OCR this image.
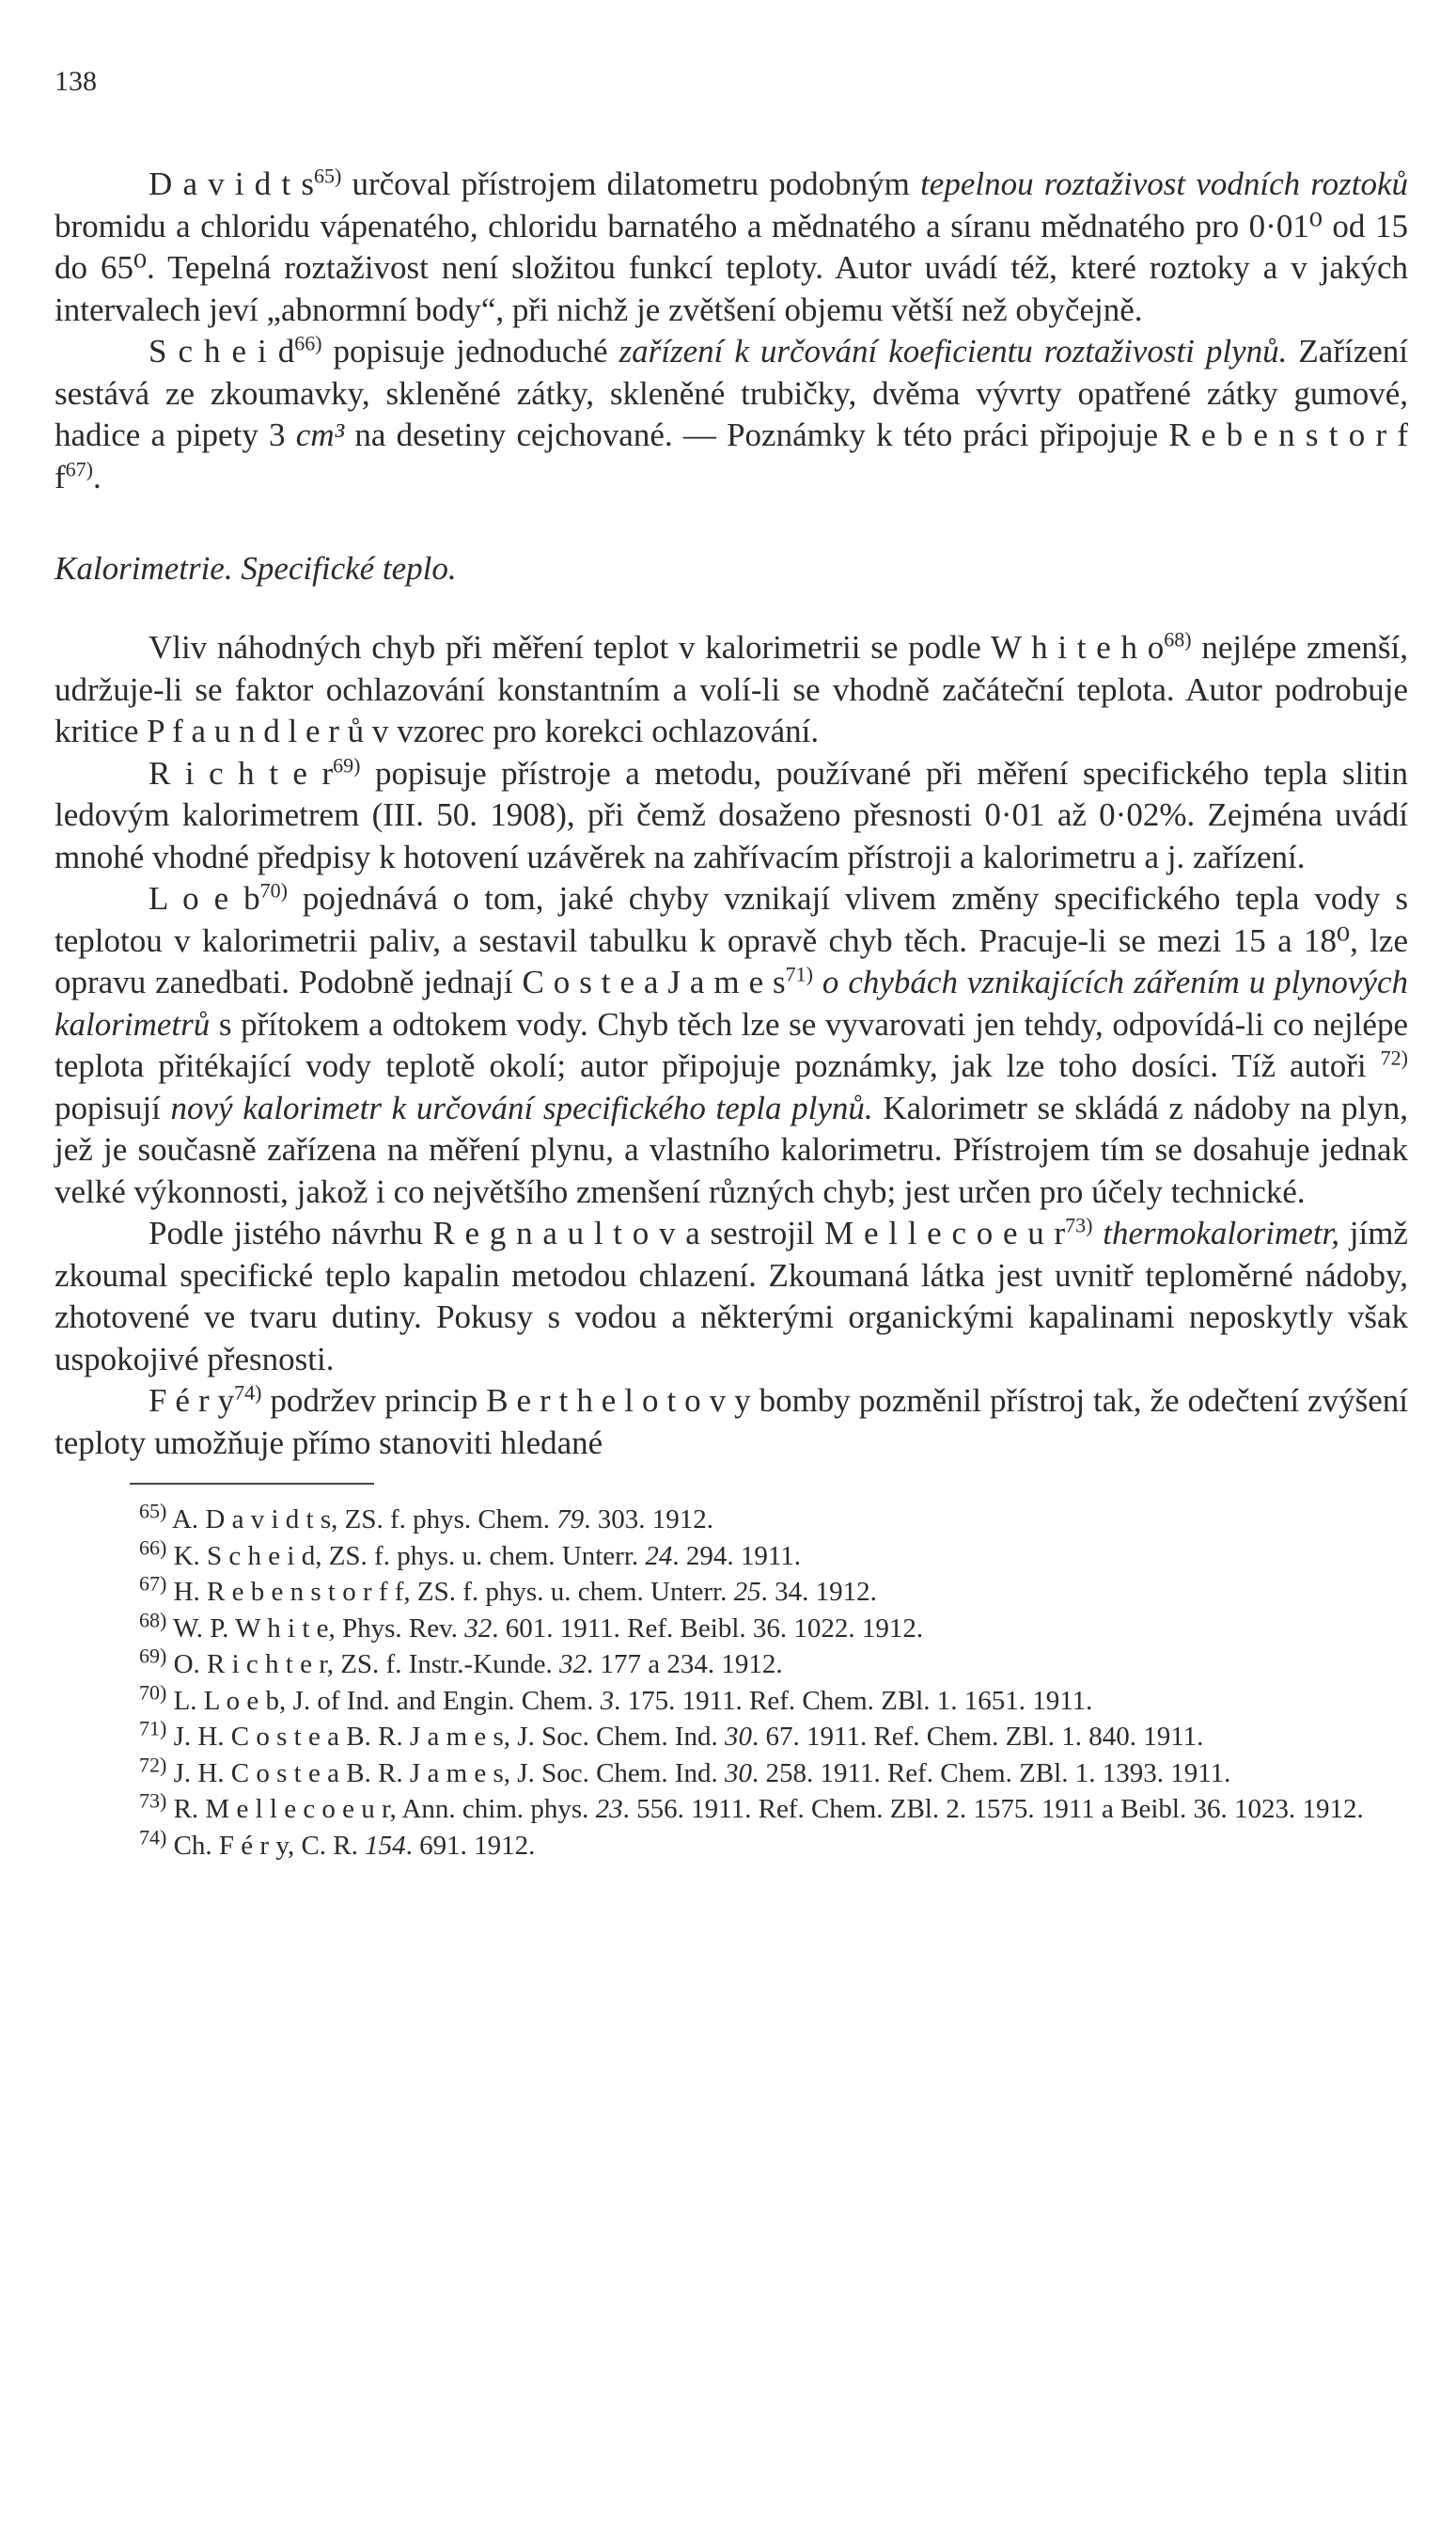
138

D a v i d t $s^{65)}$ určoval přístrojem dilatometru podobným tepelnou roztaživost vodních roztoků bromidu a chloridu vápenatého, chloridu barnatého a mědnatého a síranu mědnatého pro 0·01⁰ od 15 do 65⁰. Tepelná roztaživost není složitou funkcí teploty. Autor uvádí též, které roztoky a v jakých intervalech jeví „abnormní body“, při nichž je zvětšení objemu větší než obyčejně.

S c h e i $d^{66)}$ popisuje jednoduché zařízení k určování koeficientu roztaživosti plynů. Zařízení sestává ze zkoumavky, skleněné zátky, skleněné trubičky, dvěma vývrty opatřené zátky gumové, hadice a pipety 3 cm³ na desetiny cejchované. — Poznámky k této práci připojuje R e b e n s t o r f $f^{67)}$.

Kalorimetrie. Specifické teplo.

Vliv náhodných chyb při měření teplot v kalorimetrii se podle W h i t e h $o^{68)}$ nejlépe zmenší, udržuje-li se faktor ochlazování konstantním a volí-li se vhodně začáteční teplota. Autor podrobuje kritice P f a u n d l e r ů v vzorec pro korekci ochlazování.

R i c h t e $r^{69)}$ popisuje přístroje a metodu, používané při měření specifického tepla slitin ledovým kalorimetrem (III. 50. 1908), při čemž dosaženo přesnosti 0·01 až 0·02%. Zejména uvádí mnohé vhodné předpisy k hotovení uzávěrek na zahřívacím přístroji a kalorimetru a j. zařízení.

L o e $b^{70)}$ pojednává o tom, jaké chyby vznikají vlivem změny specifického tepla vody s teplotou v kalorimetrii paliv, a sestavil tabulku k opravě chyb těch. Pracuje-li se mezi 15 a 18⁰, lze opravu zanedbati. Podobně jednají C o s t e a J a m e $s^{71)}$ o chybách vznikajících zářením u plynových kalorimetrů s přítokem a odtokem vody. Chyb těch lze se vyvarovati jen tehdy, odpovídá-li co nejlépe teplota přitékající vody teplotě okolí; autor připojuje poznámky, jak lze toho dosíci. Tíž autoři $^{72)}$ popisují nový kalorimetr k určování specifického tepla plynů. Kalorimetr se skládá z nádoby na plyn, jež je současně zařízena na měření plynu, a vlastního kalorimetru. Přístrojem tím se dosahuje jednak velké výkonnosti, jakož i co největšího zmenšení různých chyb; jest určen pro účely technické.

Podle jistého návrhu R e g n a u l t o v a sestrojil M e l l e c o e u $r^{73)}$ thermokalorimetr, jímž zkoumal specifické teplo kapalin metodou chlazení. Zkoumaná látka jest uvnitř teploměrné nádoby, zhotovené ve tvaru dutiny. Pokusy s vodou a některými organickými kapalinami neposkytly však uspokojivé přesnosti.

F é r $y^{74)}$ podržev princip B e r t h e l o t o v y bomby pozměnil přístroj tak, že odečtení zvýšení teploty umožňuje přímo stanoviti hledané

$^{65)}$ A. D a v i d t s, ZS. f. phys. Chem. 79. 303. 1912.

$^{66)}$ K. S c h e i d, ZS. f. phys. u. chem. Unterr. 24. 294. 1911.

$^{67)}$ H. R e b e n s t o r f f, ZS. f. phys. u. chem. Unterr. 25. 34. 1912.

$^{68)}$ W. P. W h i t e, Phys. Rev. 32. 601. 1911. Ref. Beibl. 36. 1022. 1912.

$^{69)}$ O. R i c h t e r, ZS. f. Instr.-Kunde. 32. 177 a 234. 1912.

$^{70)}$ L. L o e b, J. of Ind. and Engin. Chem. 3. 175. 1911. Ref. Chem. ZBl. 1. 1651. 1911.

$^{71)}$ J. H. C o s t e a B. R. J a m e s, J. Soc. Chem. Ind. 30. 67. 1911. Ref. Chem. ZBl. 1. 840. 1911.

$^{72)}$ J. H. C o s t e a B. R. J a m e s, J. Soc. Chem. Ind. 30. 258. 1911. Ref. Chem. ZBl. 1. 1393. 1911.

$^{73)}$ R. M e l l e c o e u r, Ann. chim. phys. 23. 556. 1911. Ref. Chem. ZBl. 2. 1575. 1911 a Beibl. 36. 1023. 1912.

$^{74)}$ Ch. F é r y, C. R. 154. 691. 1912.
